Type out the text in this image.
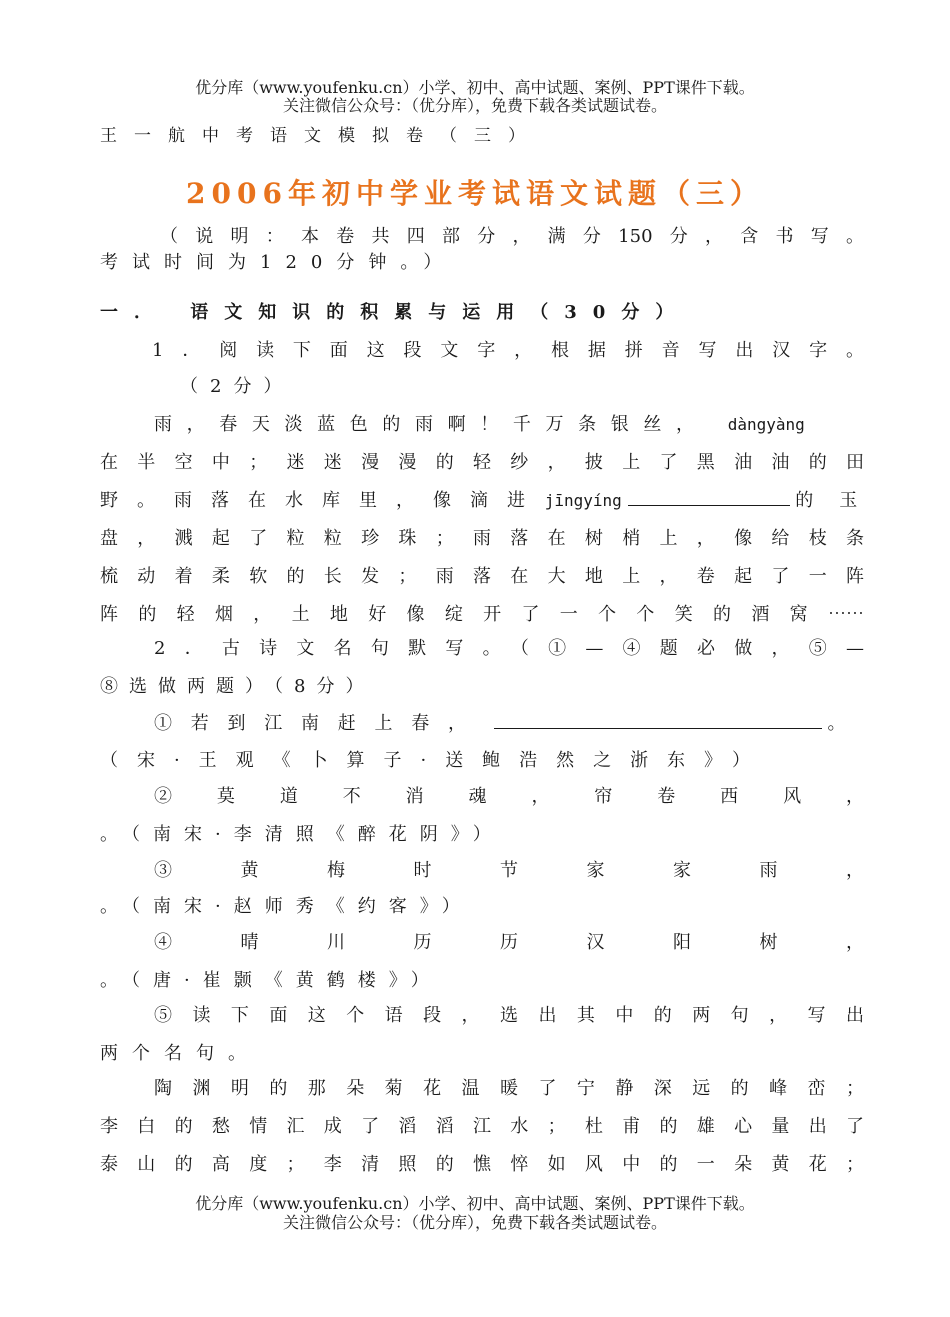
优分库（www.youfenku.cn）小学、初中、高中试题、案例、PPT课件下载。
关注微信公众号：（优分库），免费下载各类试题试卷。
王一航中考语文模拟卷（三）
2006年初中学业考试语文试题（三）
（说明：本卷共四部分，满分150分，含书写。
考试时间为120分钟。）
一． 语文知识的积累与运用（30分）
1．阅读下面这段文字，根据拼音写出汉字。
（2分）
雨，春天淡蓝色的雨啊！千万条银丝， dàngyàng
在半空中；迷迷漫漫的轻纱，披上了黑油油的田
野。雨落在水库里，像滴进 jīngyíng	的玉
盘，溅起了粒粒珍珠；雨落在树梢上，像给枝条
梳动着柔软的长发；雨落在大地上，卷起了一阵
阵的轻烟，土地好像绽开了一个个笑的酒窝⋯⋯
2．古诗文名句默写。（①—④题必做，⑤—
⑧选做两题）（8分）
①若到江南赶上春，	。
（宋·王观《卜算子·送鲍浩然之浙东》）
②莫道不消魂，帘卷西风，
。（南宋·李清照《醉花阴》）
③黄梅时节家家雨，
。（南宋·赵师秀《约客》）
④晴川历历汉阳树，
。（唐·崔颢《黄鹤楼》）
⑤读下面这个语段，选出其中的两句，写出
两个名句。
陶渊明的那朵菊花温暖了宁静深远的峰峦；
李白的愁情汇成了滔滔江水；杜甫的雄心量出了
泰山的高度；李清照的憔悴如风中的一朵黄花；
优分库（www.youfenku.cn）小学、初中、高中试题、案例、PPT课件下载。
关注微信公众号：（优分库），免费下载各类试题试卷。
